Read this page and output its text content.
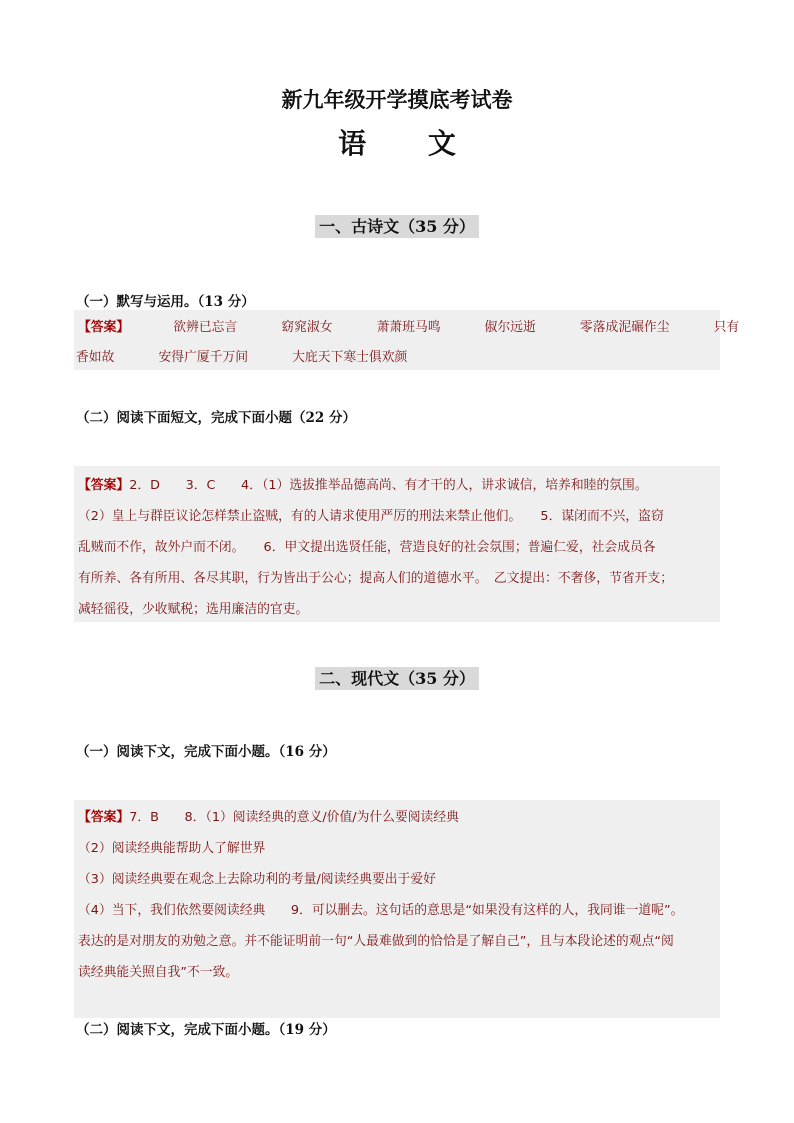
新九年级开学摸底考试卷
语 文
一、古诗文（35 分）
（一）默写与运用。（13 分）
【答案】	欲辨已忘言	窈窕淑女	萧萧班马鸣	俶尔远逝	零落成泥碾作尘	只有
香如故	安得广厦千万间	大庇天下寒士俱欢颜
（二）阅读下面短文，完成下面小题（22 分）
【答案】2．D　　3．C　　4．（1）选拔推举品德高尚、有才干的人，讲求诚信，培养和睦的氛围。
（2）皇上与群臣议论怎样禁止盗贼，有的人请求使用严厉的刑法来禁止他们。　　5．谋闭而不兴，盗窃
乱贼而不作，故外户而不闭。　　6．甲文提出选贤任能，营造良好的社会氛围；普遍仁爱，社会成员各
有所养、各有所用、各尽其职，行为皆出于公心；提高人们的道德水平。　乙文提出：不奢侈，节省开支；
减轻徭役，少收赋税；选用廉洁的官吏。
二、现代文（35 分）
（一）阅读下文，完成下面小题。（16 分）
【答案】7．B　　8．（1）阅读经典的意义/价值/为什么要阅读经典
（2）阅读经典能帮助人了解世界
（3）阅读经典要在观念上去除功利的考量/阅读经典要出于爱好
（4）当下，我们依然要阅读经典　　9．可以删去。这句话的意思是“如果没有这样的人，我同谁一道呢”。
表达的是对朋友的劝勉之意。并不能证明前一句“人最难做到的恰恰是了解自己”，且与本段论述的观点“阅
读经典能关照自我”不一致。
（二）阅读下文，完成下面小题。（19 分）
